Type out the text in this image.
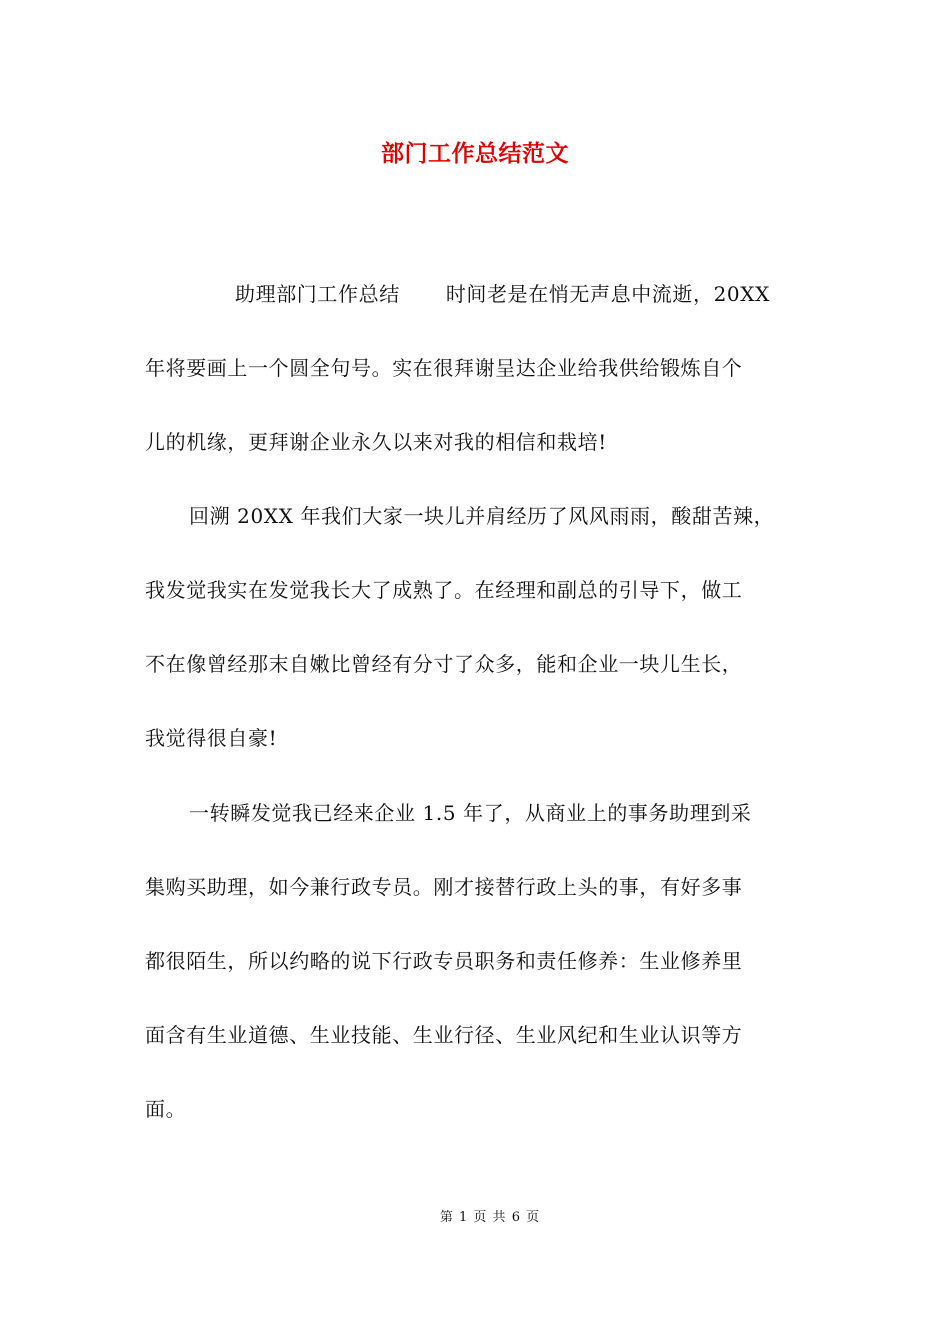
部门工作总结范文
助理部门工作总结 时间老是在悄无声息中流逝，20XX
年将要画上一个圆全句号。实在很拜谢呈达企业给我供给锻炼自个
儿的机缘，更拜谢企业永久以来对我的相信和栽培!
回溯 20XX 年我们大家一块儿并肩经历了风风雨雨，酸甜苦辣，
我发觉我实在发觉我长大了成熟了。在经理和副总的引导下，做工
不在像曾经那末自嫩比曾经有分寸了众多，能和企业一块儿生长，
我觉得很自豪!
一转瞬发觉我已经来企业 1.5 年了，从商业上的事务助理到采
集购买助理，如今兼行政专员。刚才接替行政上头的事，有好多事
都很陌生，所以约略的说下行政专员职务和责任修养：生业修养里
面含有生业道德、生业技能、生业行径、生业风纪和生业认识等方
面。
第 1 页 共 6 页
